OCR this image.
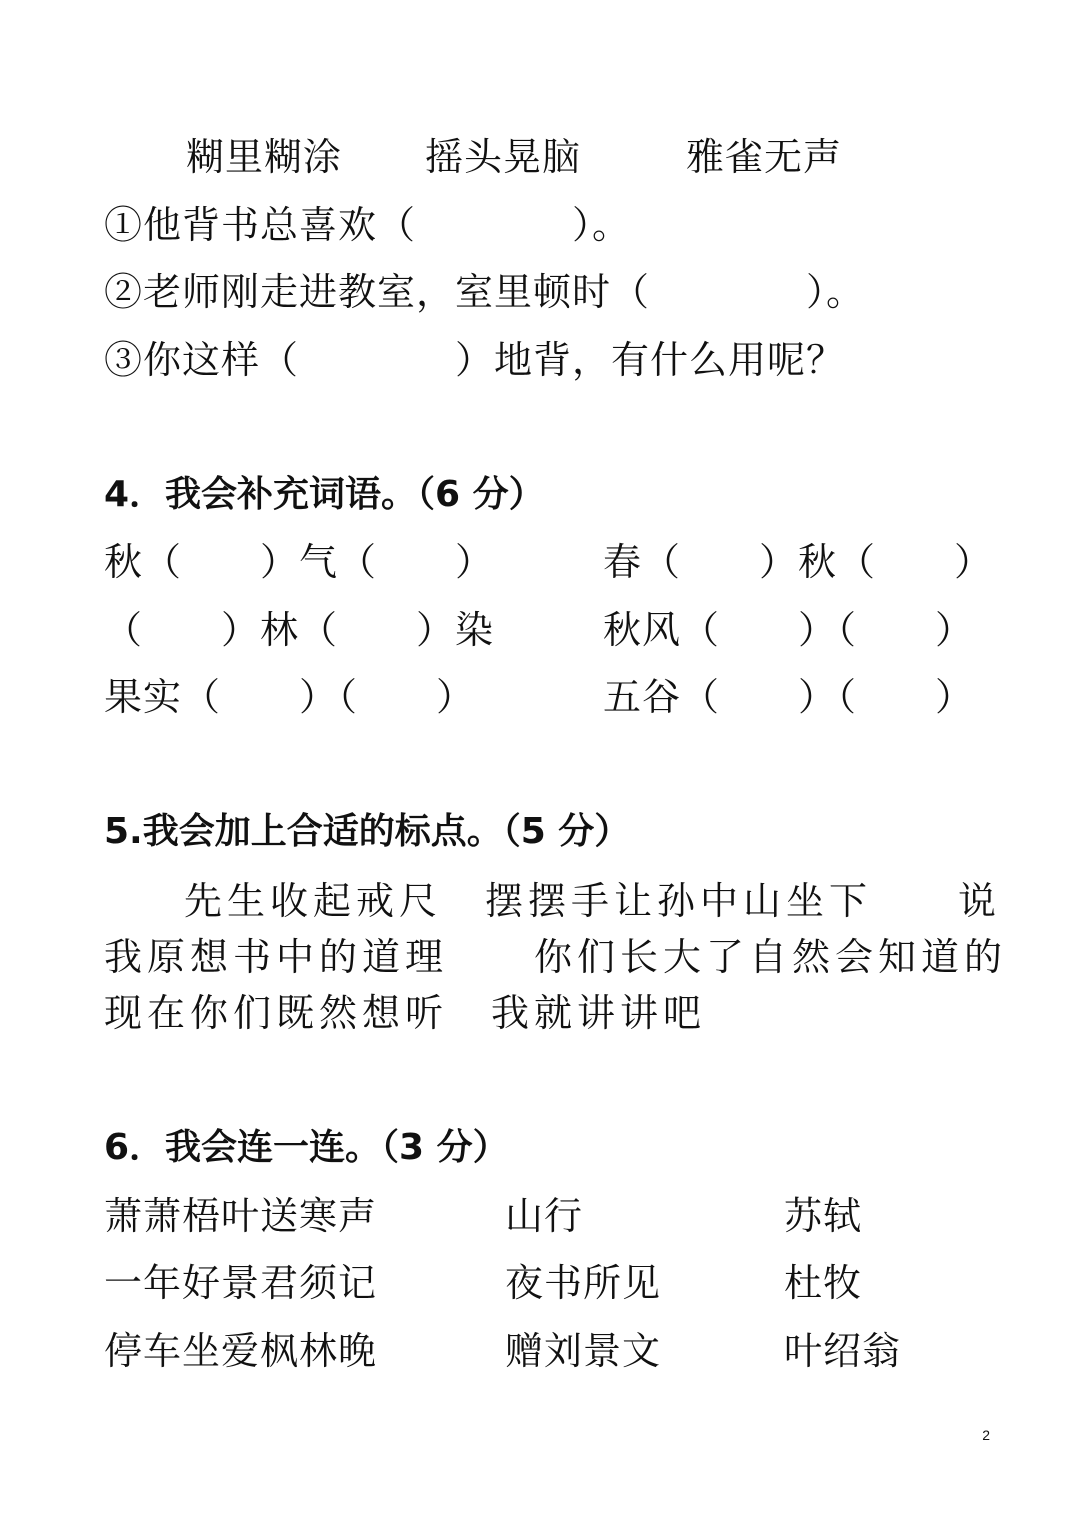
糊里糊涂 摇头晃脑	雅雀无声
①他背书总喜欢（　　　　）。
②老师刚走进教室，室里顿时（　　　　）。
③你这样（　　　　）地背，有什么用呢？
4．我会补充词语。（6 分）
秋（　　）气（　　）	春（　　）秋（　　）
（　　）林（　　）染	秋风（　　）（　　）
果实（　　）（　　）	五谷（　　）（　　）
5.我会加上合适的标点。（5 分）
先生收起戒尺　摆摆手让孙中山坐下　　说
我原想书中的道理　　你们长大了自然会知道的
现在你们既然想听　我就讲讲吧
6．我会连一连。（3 分）
萧萧梧叶送寒声	山行	苏轼
一年好景君须记	夜书所见	杜牧
停车坐爱枫林晚	赠刘景文	叶绍翁
2
